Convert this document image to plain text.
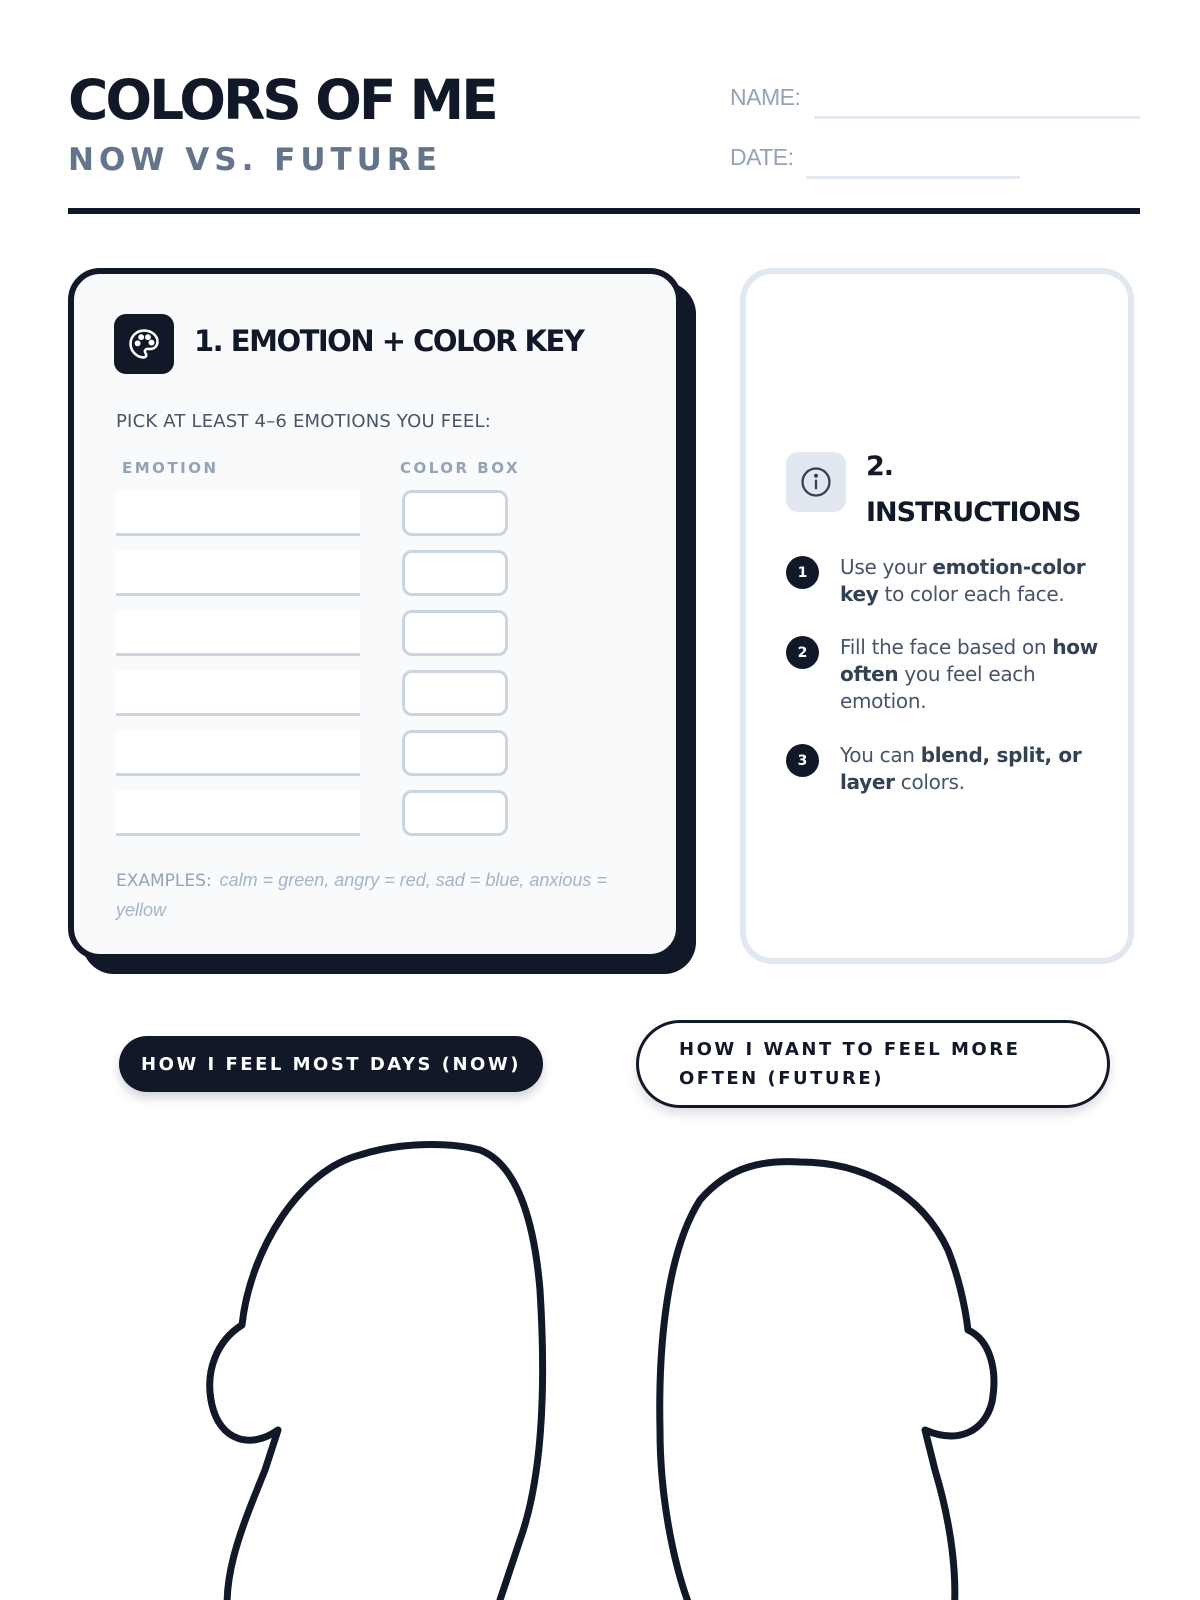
COLORS OF ME
NOW VS. FUTURE
NAME:
DATE:
1. EMOTION + COLOR KEY
PICK AT LEAST 4–6 EMOTIONS YOU FEEL:
EMOTION	COLOR BOX
EXAMPLES: calm = green, angry = red, sad = blue, anxious = yellow
2.
INSTRUCTIONS
1	Use your emotion-color key to color each face.
2	Fill the face based on how often you feel each emotion.
3	You can blend, split, or layer colors.
HOW I FEEL MOST DAYS (NOW)
HOW I WANT TO FEEL MORE OFTEN (FUTURE)
